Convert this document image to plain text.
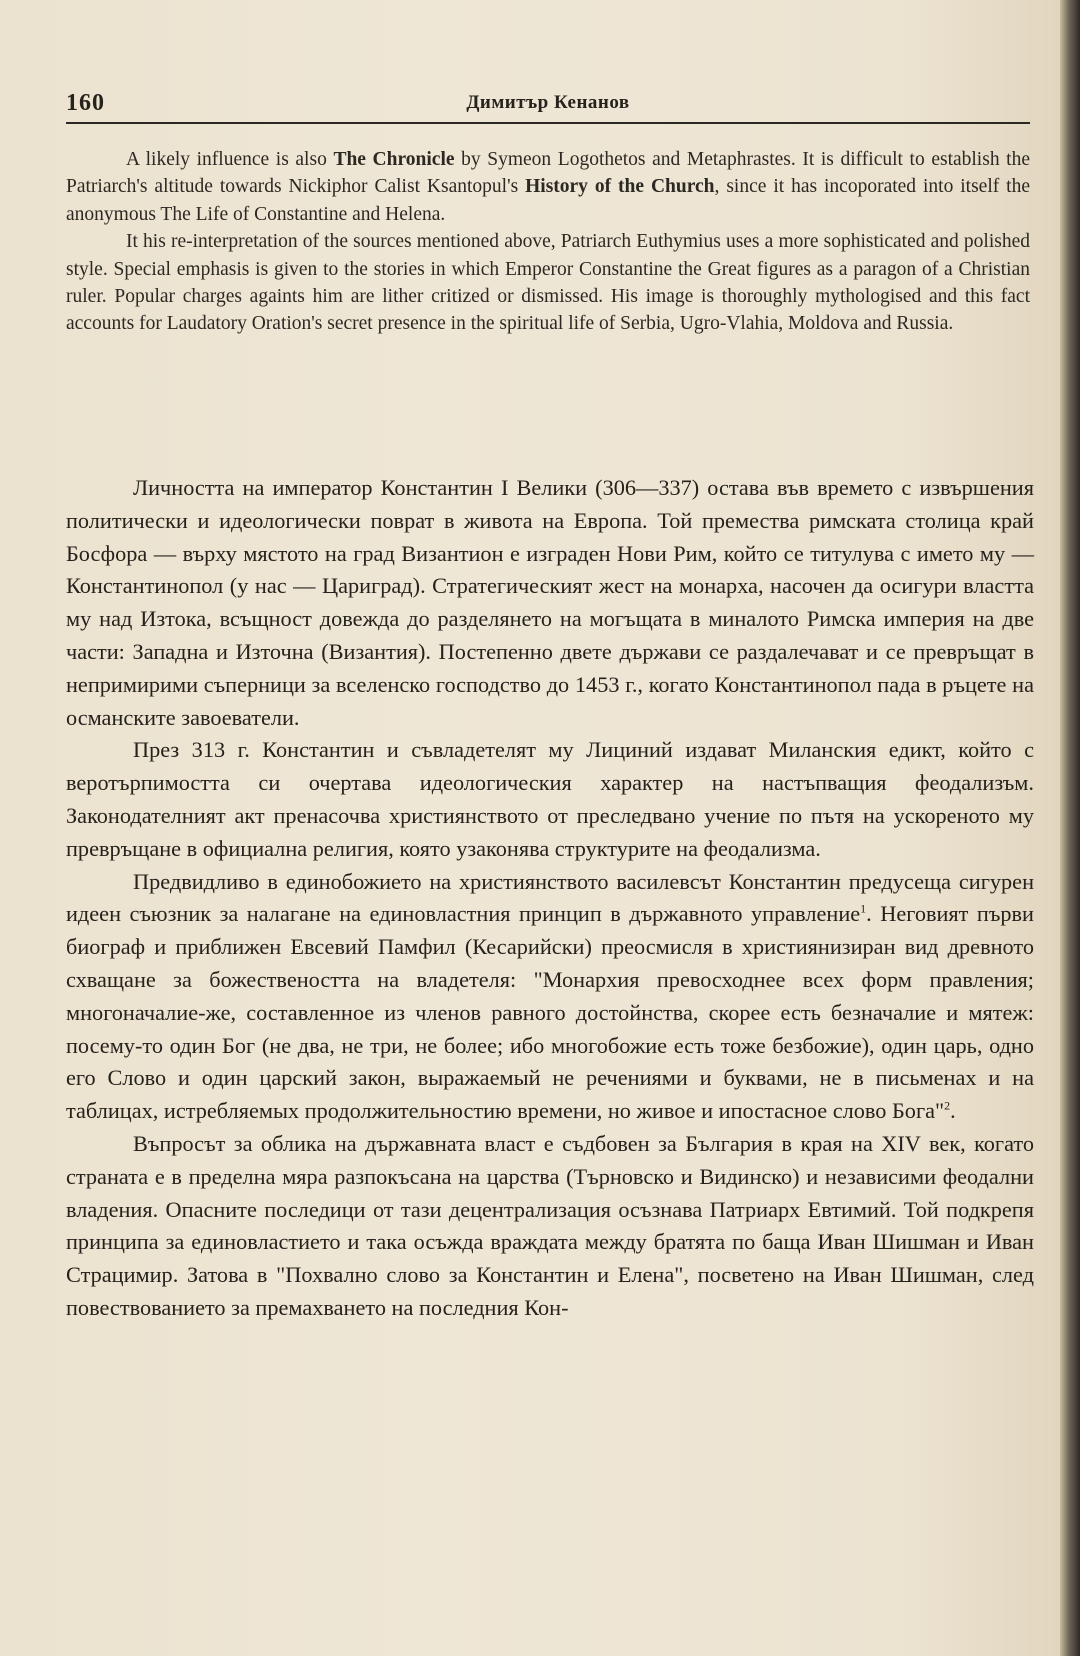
160	Димитър Кенанов

A likely influence is also The Chronicle by Symeon Logothetos and Metaphrastes. It is difficult to establish the Patriarch's altitude towards Nickiphor Calist Ksantopul's History of the Church, since it has incoporated into itself the anonymous The Life of Constantine and Helena.

It his re-interpretation of the sources mentioned above, Patriarch Euthymius uses a more sophisticated and polished style. Special emphasis is given to the stories in which Emperor Constantine the Great figures as a paragon of a Christian ruler. Popular charges againts him are lither critized or dismissed. His image is thoroughly mythologised and this fact accounts for Laudatory Oration's secret presence in the spiritual life of Serbia, Ugro-Vlahia, Moldova and Russia.

Личността на император Константин I Велики (306—337) остава във времето с извършения политически и идеологически поврат в живота на Европа. Той премества римската столица край Босфора — върху мястото на град Византион е изграден Нови Рим, който се титулува с името му — Константинопол (у нас — Цариград). Стратегическият жест на монарха, насочен да осигури властта му над Изтока, всъщност довежда до разделянето на могъщата в миналото Римска империя на две части: Западна и Източна (Византия). Постепенно двете държави се раздалечават и се превръщат в непримирими съперници за вселенско господство до 1453 г., когато Константинопол пада в ръцете на османските завоеватели.

През 313 г. Константин и съвладетелят му Лициний издават Миланския едикт, който с веротърпимостта си очертава идеологическия характер на настъпващия феодализъм. Законодателният акт пренасочва християнството от преследвано учение по пътя на ускореното му превръщане в официална религия, която узаконява структурите на феодализма.

Предвидливо в единобожието на християнството василевсът Константин предусеща сигурен идеен съюзник за налагане на единовластния принцип в държавното управление$^1$. Неговият първи биограф и приближен Евсевий Памфил (Кесарийски) преосмисля в християнизиран вид древното схващане за божествеността на владетеля: "Монархия превосходнее всех форм правления; многоначалие-же, составленное из членов равного достойнства, скорее есть безначалие и мятеж: посему-то один Бог (не два, не три, не более; ибо многобожие есть тоже безбожие), один царь, одно его Слово и один царский закон, выражаемый не речениями и буквами, не в письменах и на таблицах, истребляемых продолжительностию времени, но живое и ипостасное слово Бога"$^2$.

Въпросът за облика на държавната власт е съдбовен за България в края на XIV век, когато страната е в пределна мяра разпокъсана на царства (Търновско и Видинско) и независими феодални владения. Опасните последици от тази децентрализация осъзнава Патриарх Евтимий. Той подкрепя принципа за единовластието и така осъжда враждата между братята по баща Иван Шишман и Иван Страцимир. Затова в "Похвално слово за Константин и Елена", посветено на Иван Шишман, след повествованието за премахването на последния Кон-
